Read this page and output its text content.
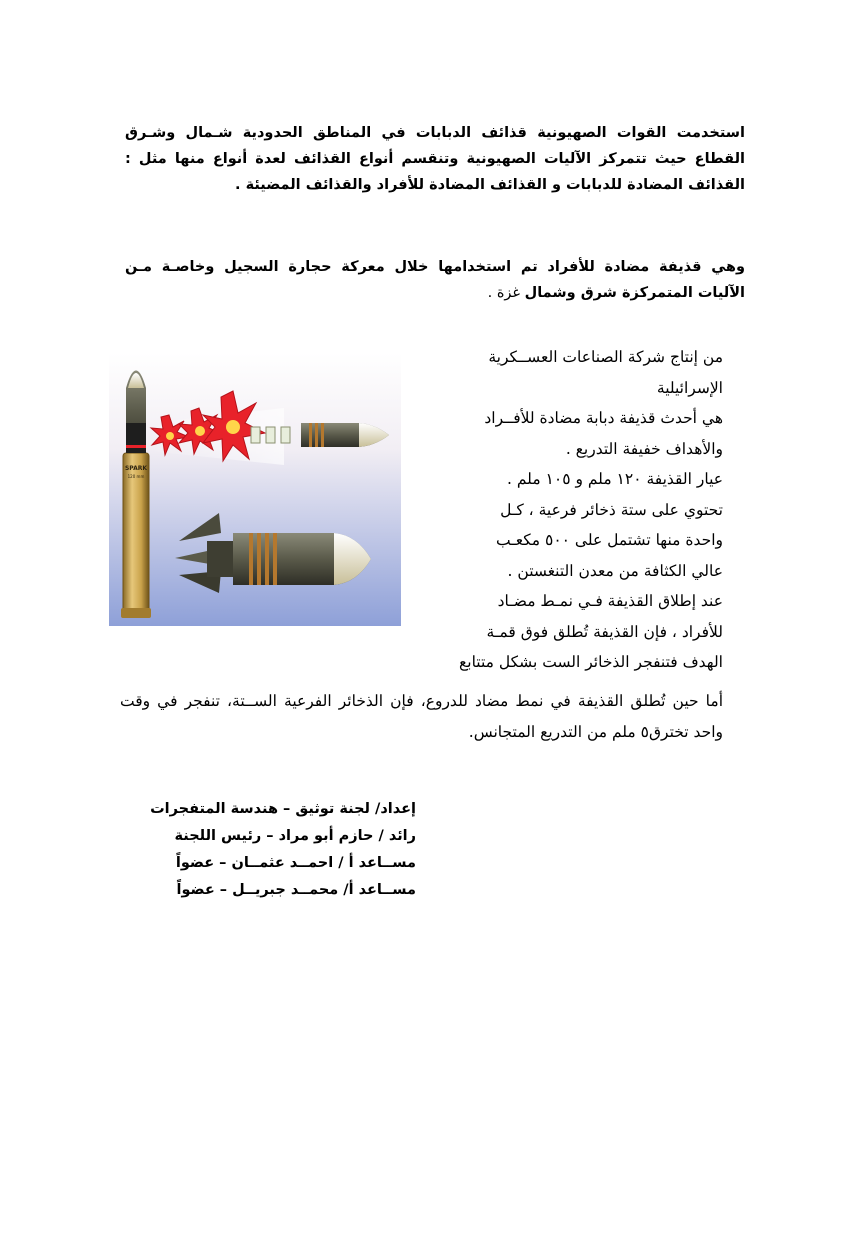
استخدمت القوات الصهيونية قذائف الدبابات في المناطق الحدودية شـمال وشـرق القطاع حيث تتمركز الآليات الصهيونية وتنقسم أنواع القذائف لعدة أنواع منها مثل : القذائف المضادة للدبابات و القذائف المضادة للأفراد والقذائف المضيئة .
وهي قذيفة مضادة للأفراد تم استخدامها خلال معركة حجارة السجيل وخاصـة مـن الآليات المتمركزة شرق وشمال غزة .
SPARK
120 mm
من إنتاج شركة الصناعات العســكرية
الإسرائيلية
هي أحدث قذيفة دبابة مضادة للأفــراد
والأهداف خفيفة التدريع .
عيار القذيفة ١٢٠ ملم و ١٠٥ ملم .
تحتوي على ستة ذخائر فرعية ، كـل
واحدة منها تشتمل على ٥٠٠ مكعـب
عالي الكثافة من معدن التنغستن .
عند إطلاق القذيفة فـي نمـط مضـاد
للأفراد ، فإن القذيفة تُطلق فوق قمـة
الهدف فتنفجر الذخائر الست بشكل متتابع
أما حين تُطلق القذيفة في نمط مضاد للدروع، فإن الذخائر الفرعية الســتة، تنفجر في وقت واحد تخترق٥ ملم من التدريع المتجانس.
إعداد/ لجنة توثيق – هندسة المتفجرات
رائد / حازم أبو مراد – رئيس اللجنة
مســاعد أ / احمــد عثمــان – عضواً
مســاعد أ/ محمــد جبريــل – عضواً
